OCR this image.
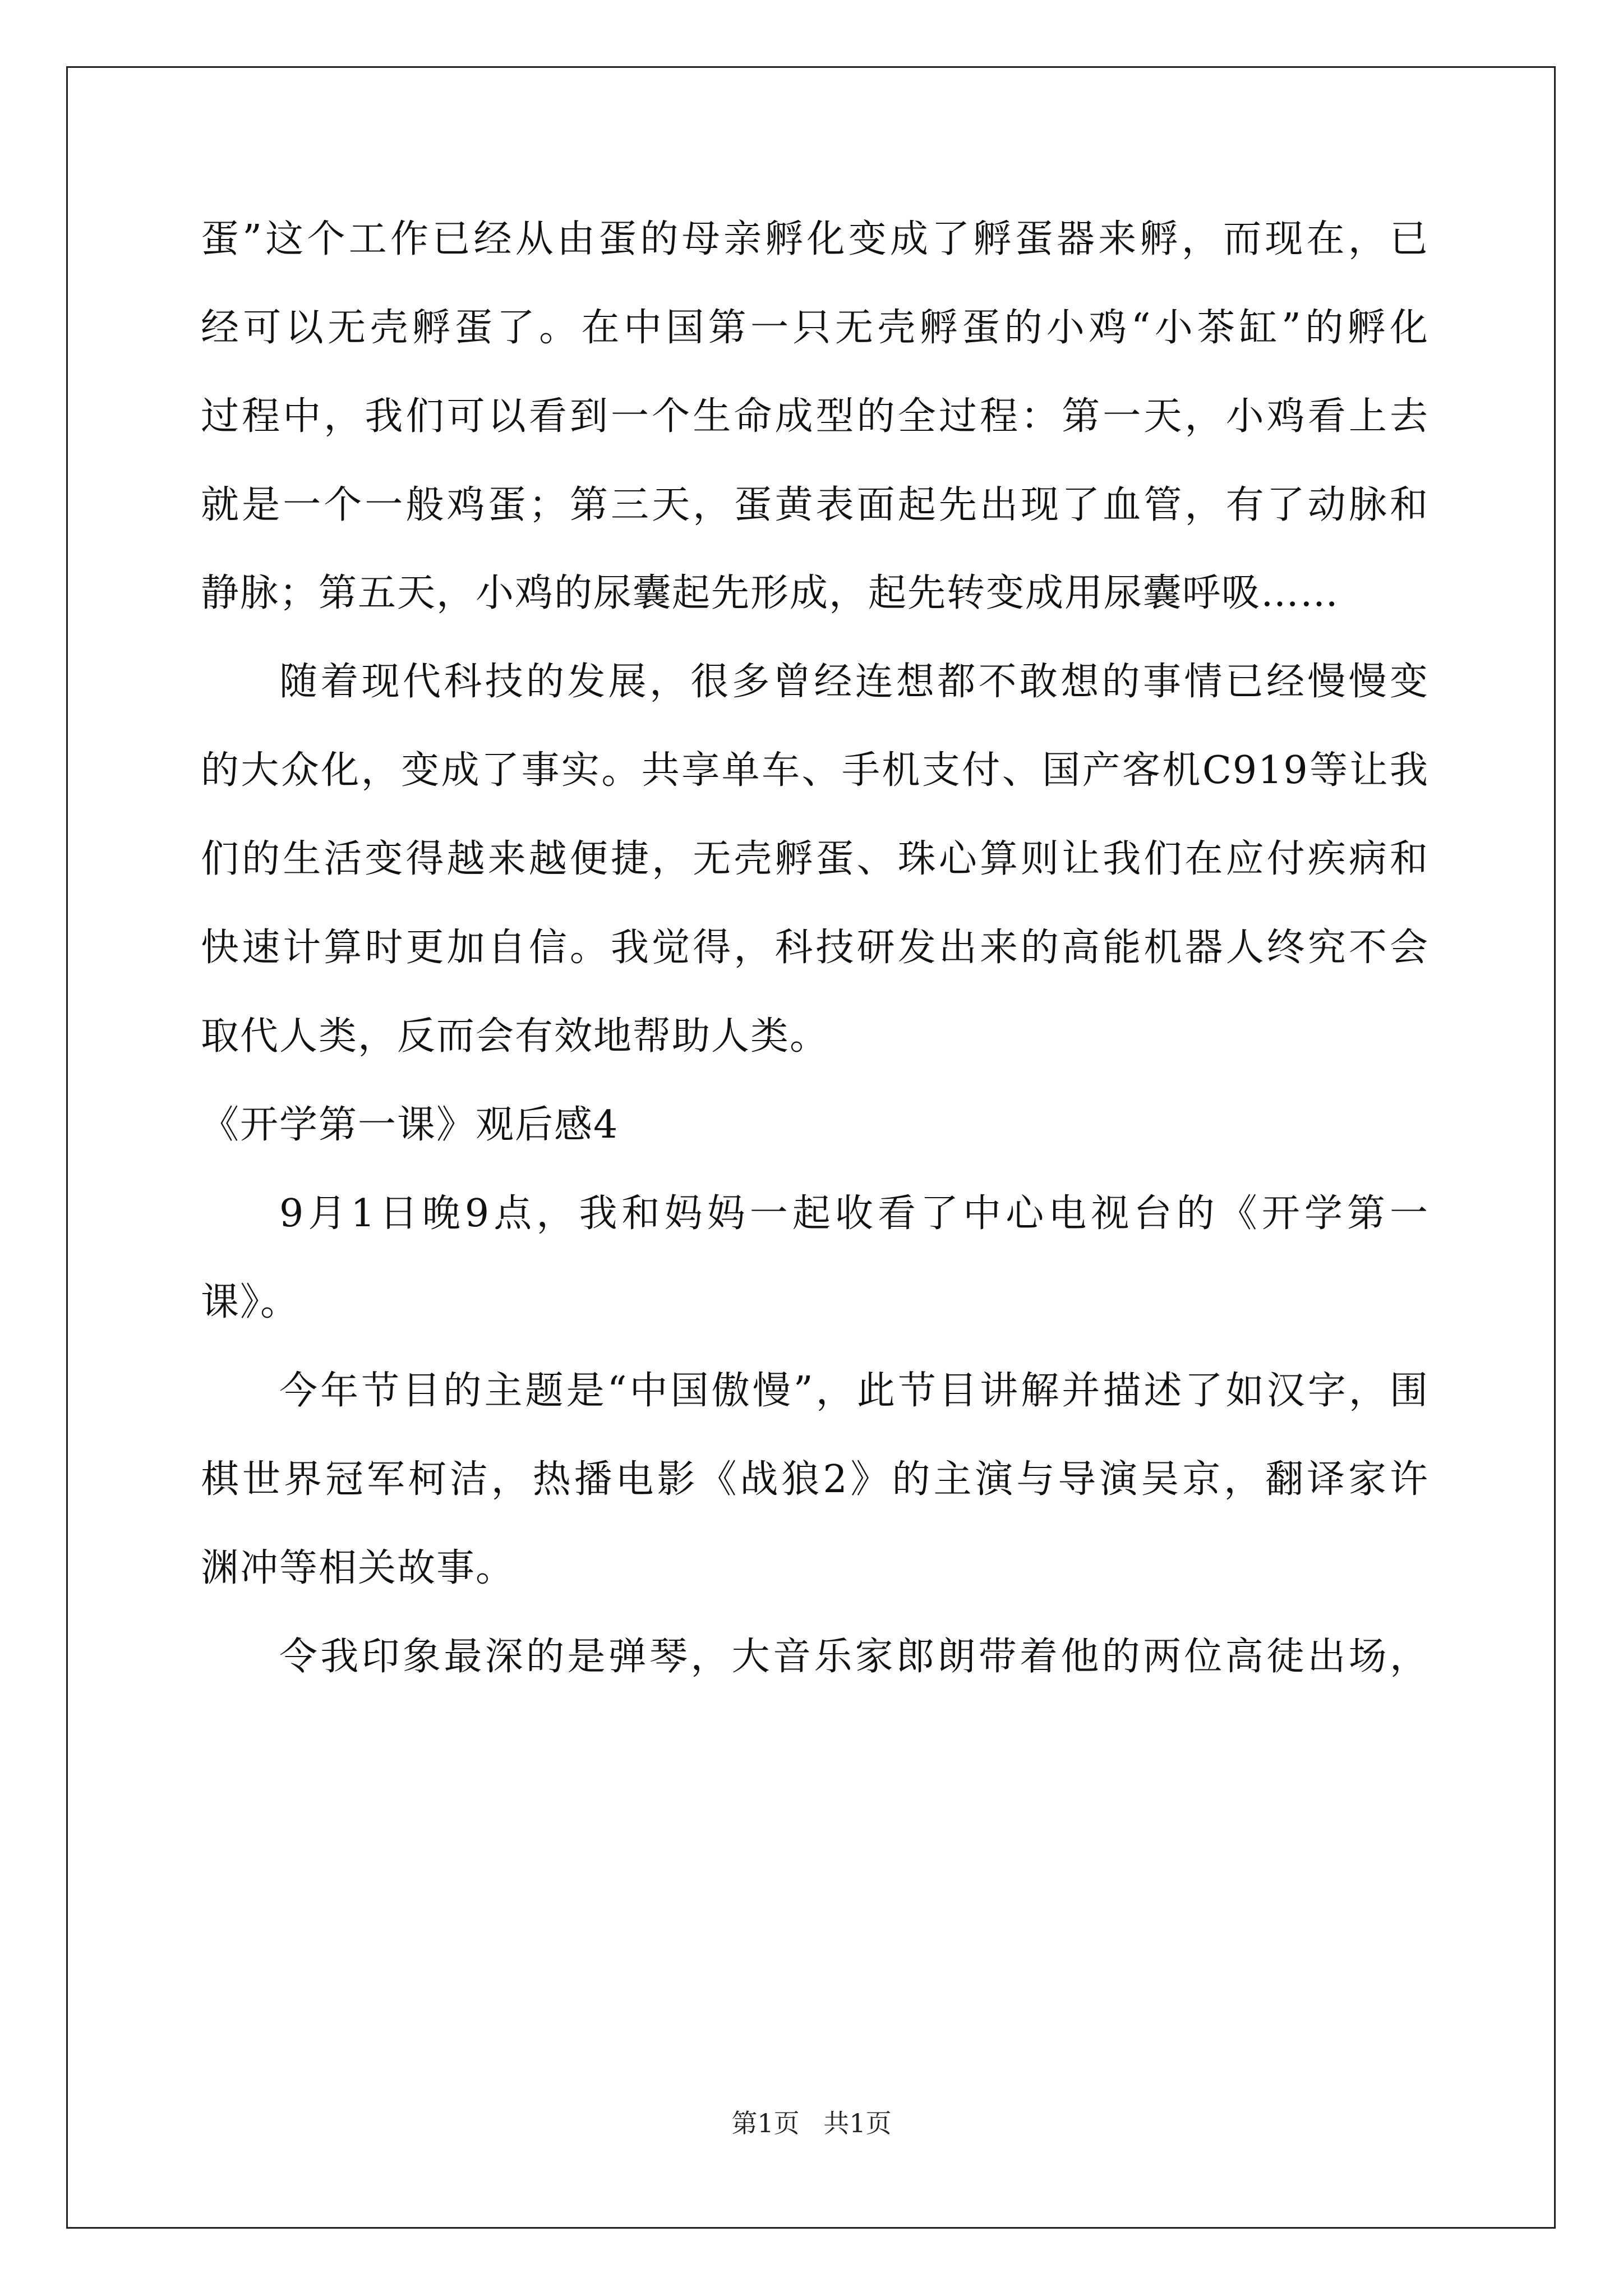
蛋”这个工作已经从由蛋的母亲孵化变成了孵蛋器来孵，而现在，已
经可以无壳孵蛋了。在中国第一只无壳孵蛋的小鸡“小茶缸”的孵化
过程中，我们可以看到一个生命成型的全过程：第一天，小鸡看上去
就是一个一般鸡蛋；第三天，蛋黄表面起先出现了血管，有了动脉和
静脉；第五天，小鸡的尿囊起先形成，起先转变成用尿囊呼吸……
随着现代科技的发展，很多曾经连想都不敢想的事情已经慢慢变
的大众化，变成了事实。共享单车、手机支付、国产客机C919等让我
们的生活变得越来越便捷，无壳孵蛋、珠心算则让我们在应付疾病和
快速计算时更加自信。我觉得，科技研发出来的高能机器人终究不会
取代人类，反而会有效地帮助人类。
《开学第一课》观后感4
9月1日晚9点，我和妈妈一起收看了中心电视台的《开学第一
课》。
今年节目的主题是“中国傲慢”，此节目讲解并描述了如汉字，围
棋世界冠军柯洁，热播电影《战狼2》的主演与导演吴京，翻译家许
渊冲等相关故事。
令我印象最深的是弹琴，大音乐家郎朗带着他的两位高徒出场，
第1页 共1页
